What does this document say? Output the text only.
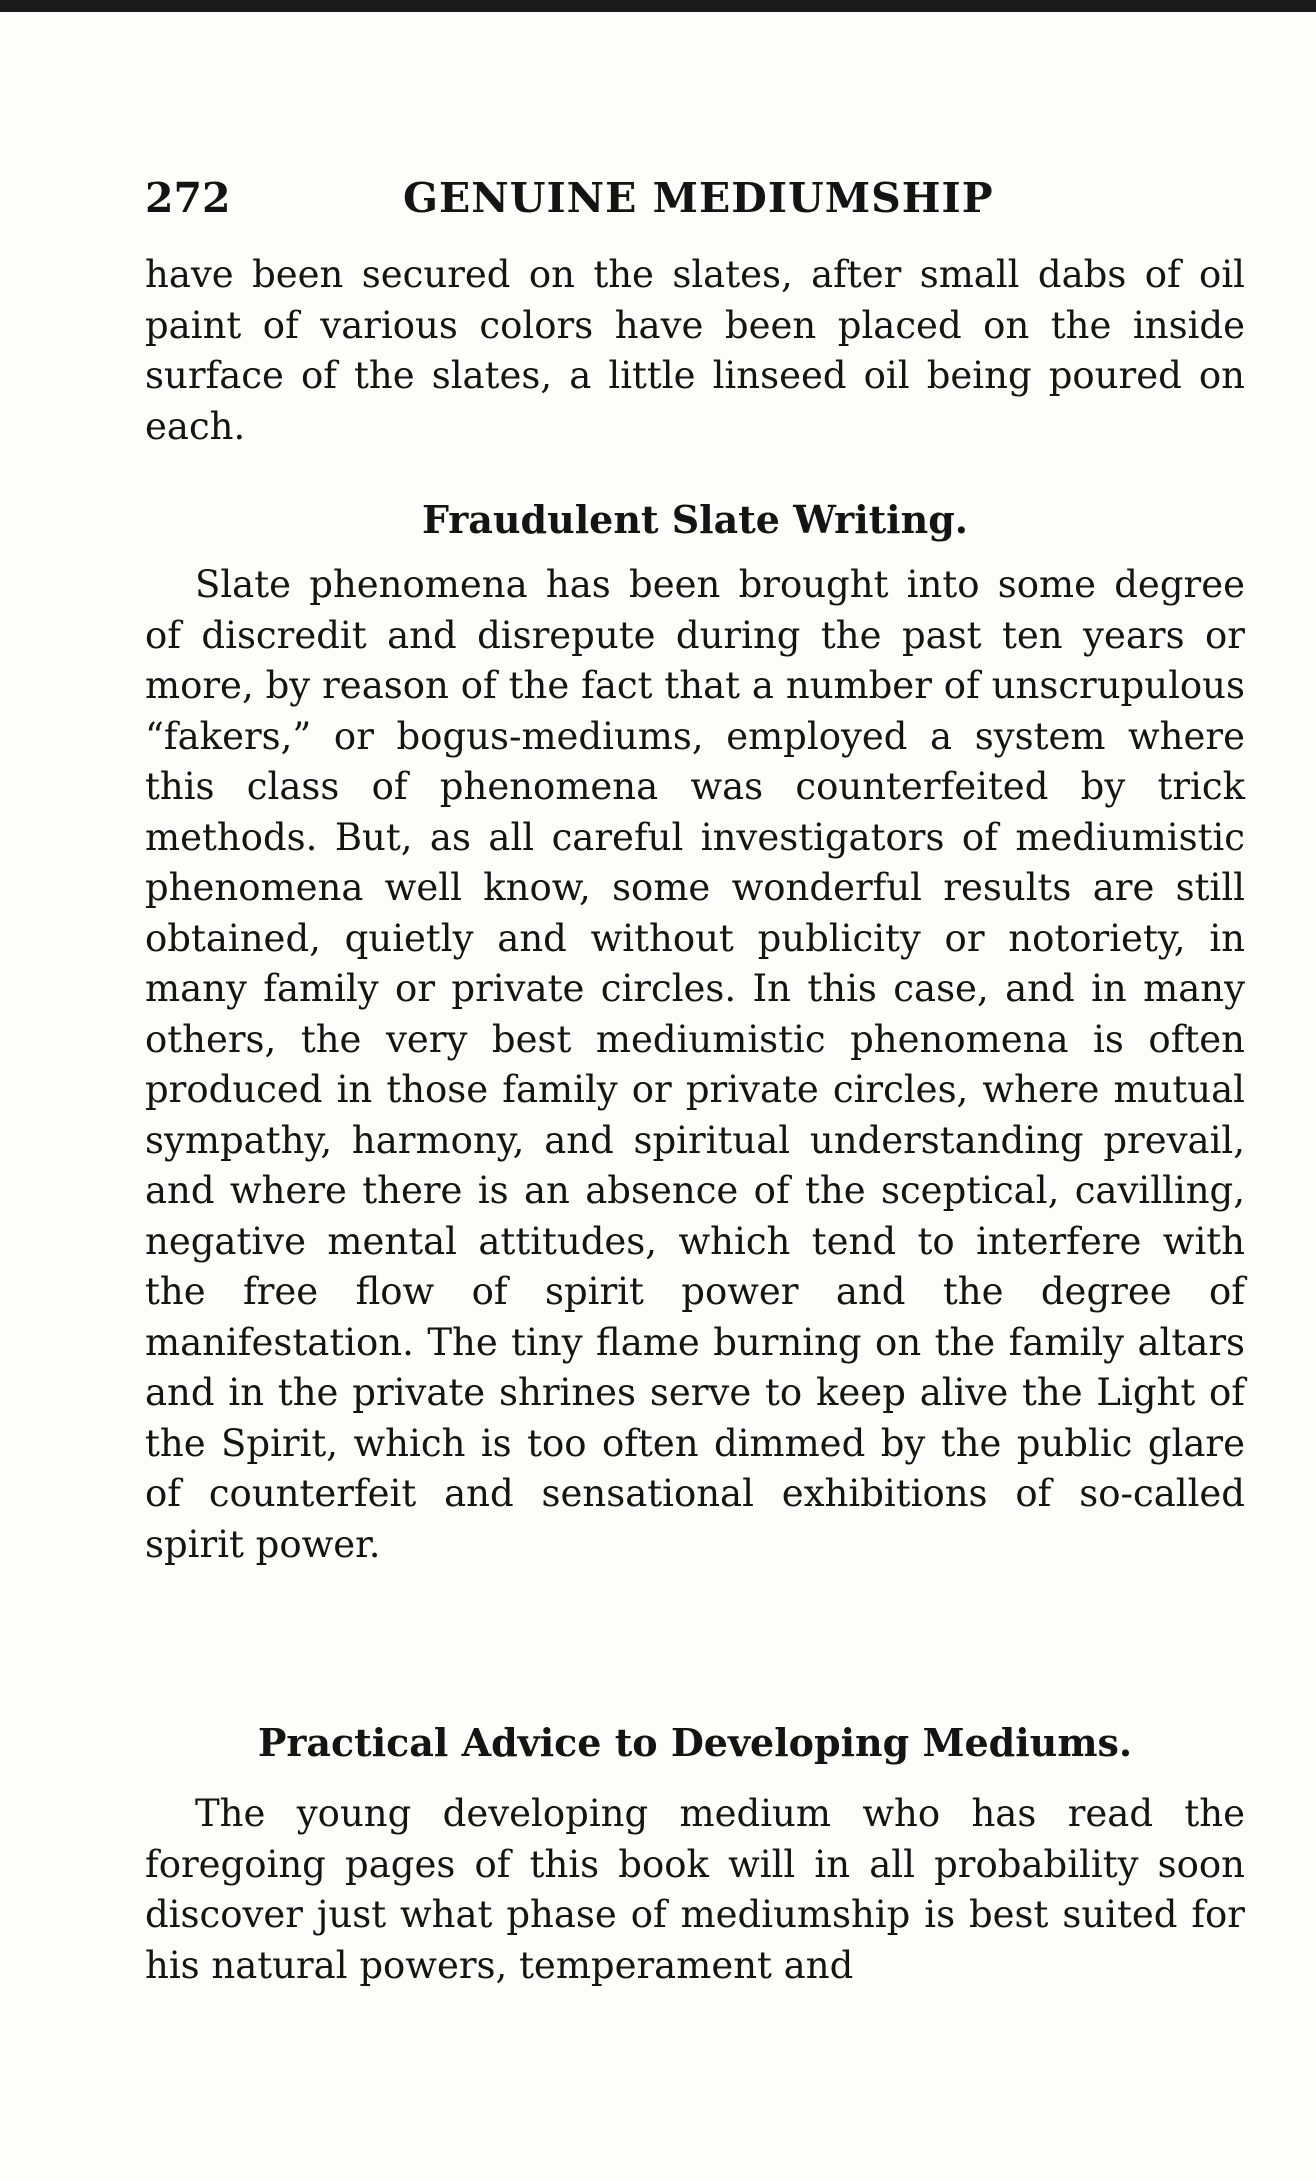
272	GENUINE MEDIUMSHIP

have been secured on the slates, after small dabs of oil paint of various colors have been placed on the inside surface of the slates, a little linseed oil being poured on each.

Fraudulent Slate Writing.

Slate phenomena has been brought into some degree of discredit and disrepute during the past ten years or more, by reason of the fact that a number of unscrupulous “fakers,” or bogus-mediums, employed a system where this class of phenomena was counterfeited by trick methods. But, as all careful investigators of mediumistic phenomena well know, some wonderful results are still obtained, quietly and without publicity or notoriety, in many family or private circles. In this case, and in many others, the very best mediumistic phenomena is often produced in those family or private circles, where mutual sympathy, harmony, and spiritual understanding prevail, and where there is an absence of the sceptical, cavilling, negative mental attitudes, which tend to interfere with the free flow of spirit power and the degree of manifestation. The tiny flame burning on the family altars and in the private shrines serve to keep alive the Light of the Spirit, which is too often dimmed by the public glare of counterfeit and sensational exhibitions of so-called spirit power.

Practical Advice to Developing Mediums.

The young developing medium who has read the foregoing pages of this book will in all probability soon discover just what phase of mediumship is best suited for his natural powers, temperament and
